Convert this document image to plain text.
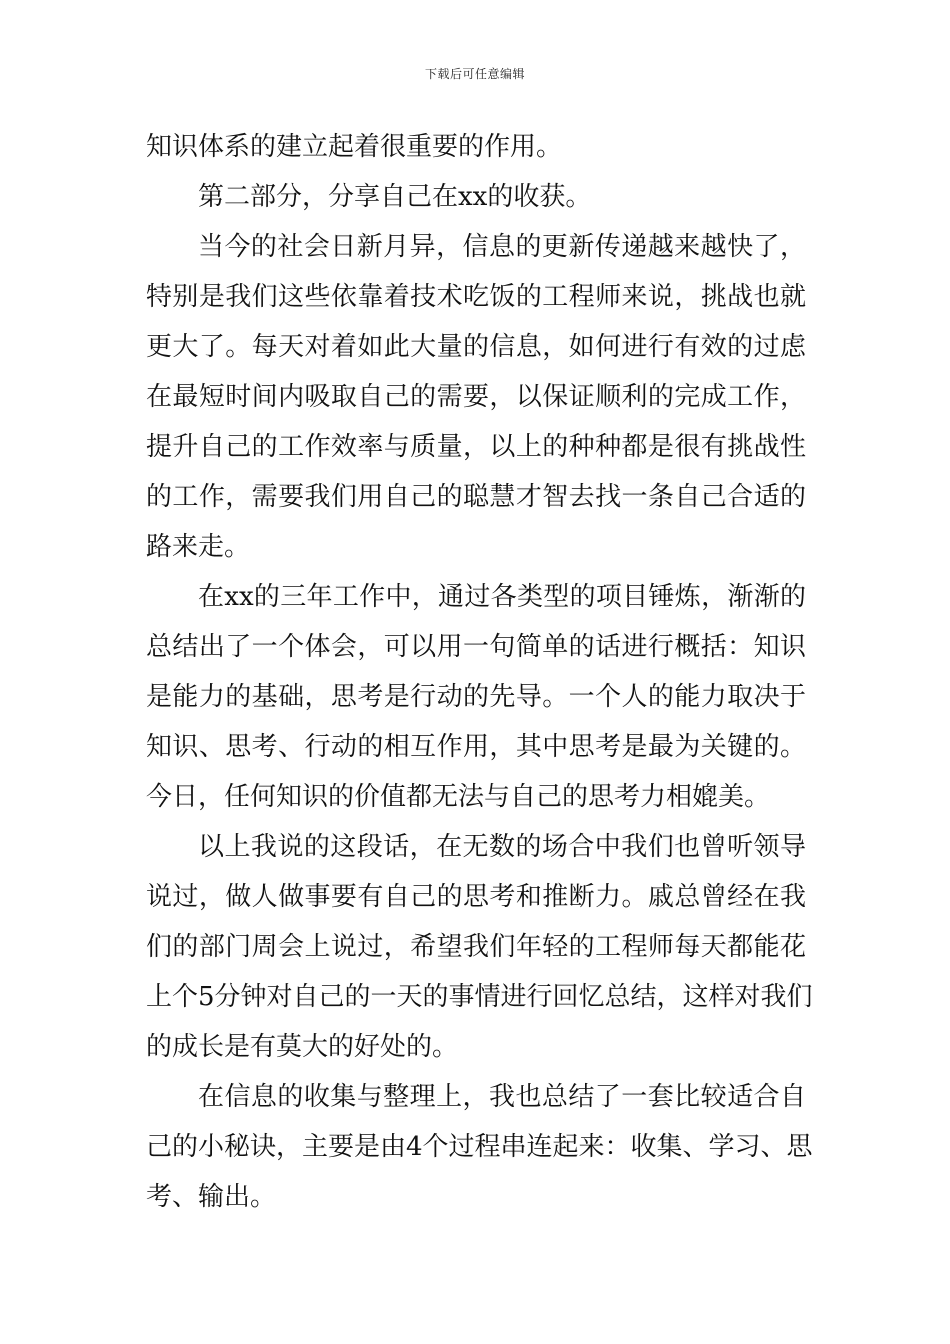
下载后可任意编辑
知识体系的建立起着很重要的作用。
第二部分，分享自己在xx的收获。
当今的社会日新月异，信息的更新传递越来越快了，
特别是我们这些依靠着技术吃饭的工程师来说，挑战也就
更大了。每天对着如此大量的信息，如何进行有效的过虑
在最短时间内吸取自己的需要，以保证顺利的完成工作，
提升自己的工作效率与质量，以上的种种都是很有挑战性
的工作，需要我们用自己的聪慧才智去找一条自己合适的
路来走。
在xx的三年工作中，通过各类型的项目锤炼，渐渐的
总结出了一个体会，可以用一句简单的话进行概括：知识
是能力的基础，思考是行动的先导。一个人的能力取决于
知识、思考、行动的相互作用，其中思考是最为关键的。
今日，任何知识的价值都无法与自己的思考力相媲美。
以上我说的这段话，在无数的场合中我们也曾听领导
说过，做人做事要有自己的思考和推断力。戚总曾经在我
们的部门周会上说过，希望我们年轻的工程师每天都能花
上个5分钟对自己的一天的事情进行回忆总结，这样对我们
的成长是有莫大的好处的。
在信息的收集与整理上，我也总结了一套比较适合自
己的小秘诀，主要是由4个过程串连起来：收集、学习、思
考、输出。
